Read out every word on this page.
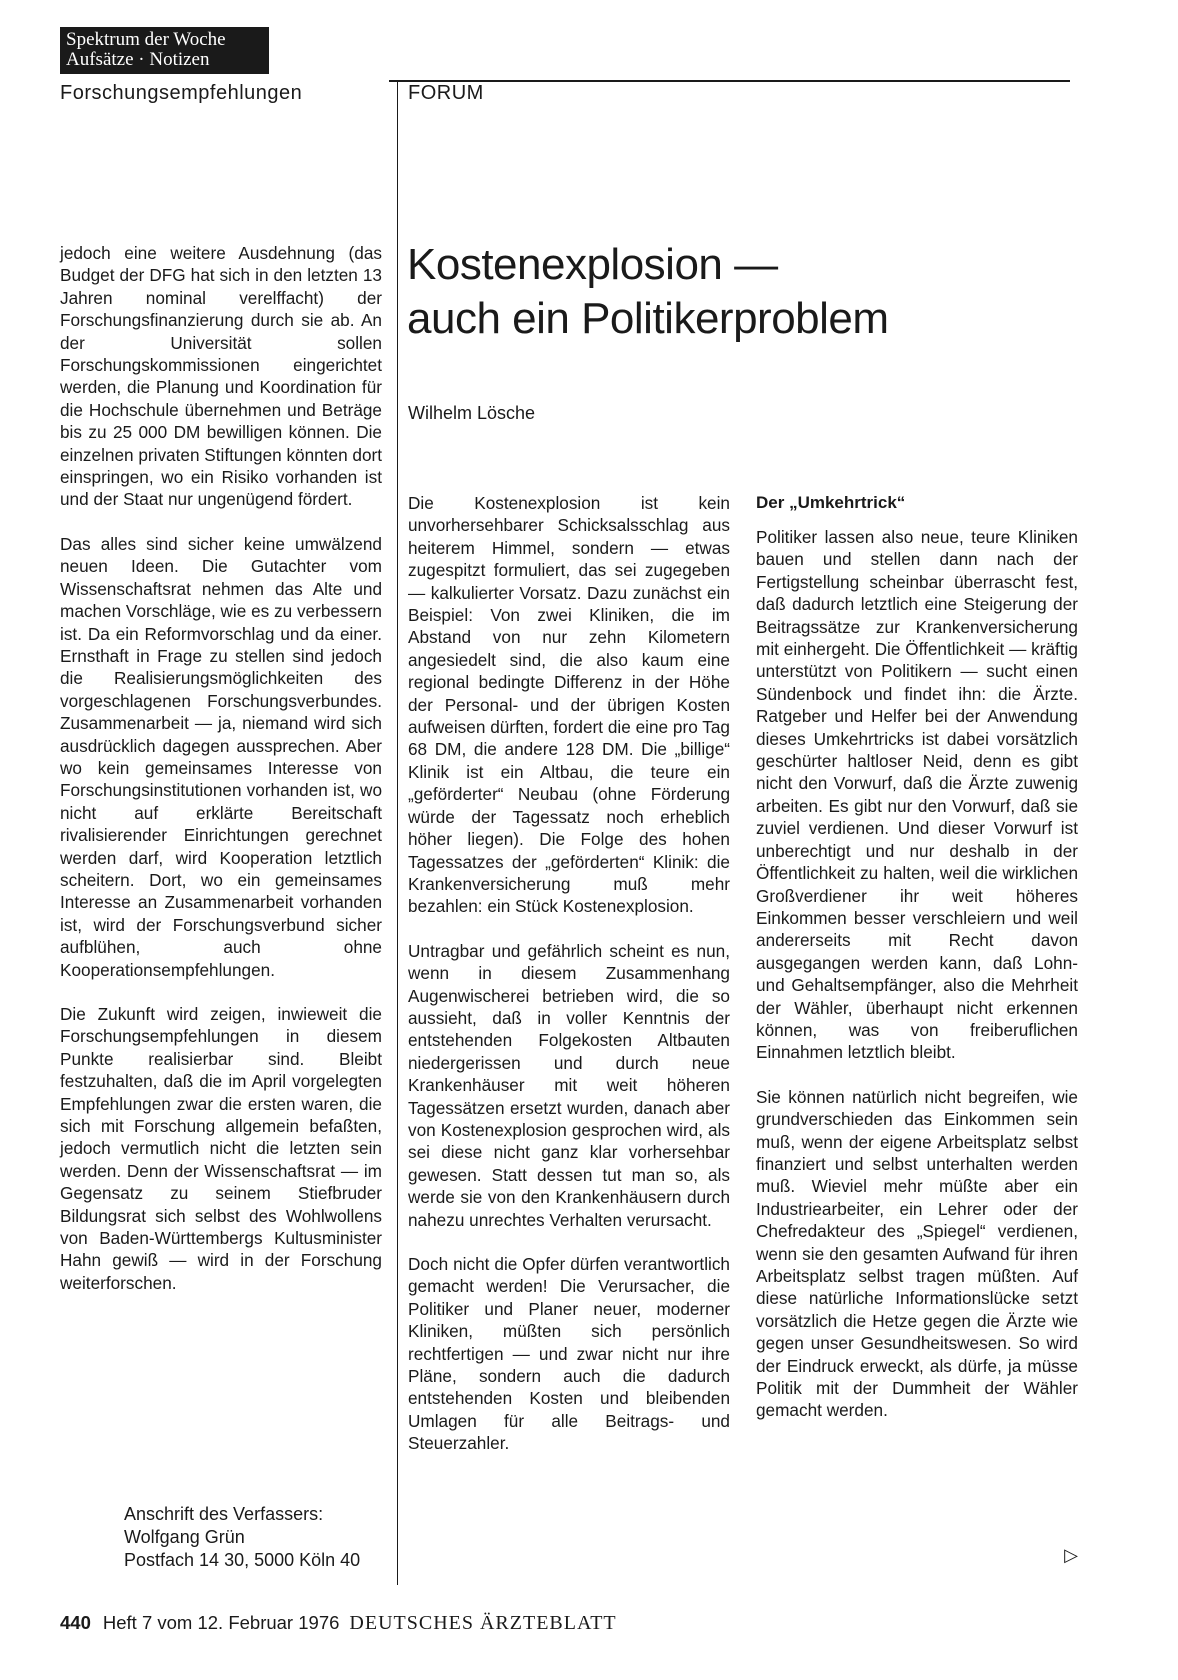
Spektrum der Woche
Aufsätze · Notizen
Forschungsempfehlungen	FORUM
Kostenexplosion —
auch ein Politikerproblem
Wilhelm Lösche

jedoch eine weitere Ausdehnung (das Budget der DFG hat sich in den letzten 13 Jahren nominal verelffacht) der Forschungsfinanzierung durch sie ab. An der Universität sollen Forschungskommissionen eingerichtet werden, die Planung und Koordination für die Hochschule übernehmen und Beträge bis zu 25 000 DM bewilligen können. Die einzelnen privaten Stiftungen könnten dort einspringen, wo ein Risiko vorhanden ist und der Staat nur ungenügend fördert.

Das alles sind sicher keine umwälzend neuen Ideen. Die Gutachter vom Wissenschaftsrat nehmen das Alte und machen Vorschläge, wie es zu verbessern ist. Da ein Reformvorschlag und da einer. Ernsthaft in Frage zu stellen sind jedoch die Realisierungsmöglichkeiten des vorgeschlagenen Forschungsverbundes. Zusammenarbeit — ja, niemand wird sich ausdrücklich dagegen aussprechen. Aber wo kein gemeinsames Interesse von Forschungsinstitutionen vorhanden ist, wo nicht auf erklärte Bereitschaft rivalisierender Einrichtungen gerechnet werden darf, wird Kooperation letztlich scheitern. Dort, wo ein gemeinsames Interesse an Zusammenarbeit vorhanden ist, wird der Forschungsverbund sicher aufblühen, auch ohne Kooperationsempfehlungen.

Die Zukunft wird zeigen, inwieweit die Forschungsempfehlungen in diesem Punkte realisierbar sind. Bleibt festzuhalten, daß die im April vorgelegten Empfehlungen zwar die ersten waren, die sich mit Forschung allgemein befaßten, jedoch vermutlich nicht die letzten sein werden. Denn der Wissenschaftsrat — im Gegensatz zu seinem Stiefbruder Bildungsrat sich selbst des Wohlwollens von Baden-Württembergs Kultusminister Hahn gewiß — wird in der Forschung weiterforschen.

Anschrift des Verfassers:
Wolfgang Grün
Postfach 14 30, 5000 Köln 40

Die Kostenexplosion ist kein unvorhersehbarer Schicksalsschlag aus heiterem Himmel, sondern — etwas zugespitzt formuliert, das sei zugegeben — kalkulierter Vorsatz. Dazu zunächst ein Beispiel: Von zwei Kliniken, die im Abstand von nur zehn Kilometern angesiedelt sind, die also kaum eine regional bedingte Differenz in der Höhe der Personal- und der übrigen Kosten aufweisen dürften, fordert die eine pro Tag 68 DM, die andere 128 DM. Die „billige“ Klinik ist ein Altbau, die teure ein „geförderter“ Neubau (ohne Förderung würde der Tagessatz noch erheblich höher liegen). Die Folge des hohen Tagessatzes der „geförderten“ Klinik: die Krankenversicherung muß mehr bezahlen: ein Stück Kostenexplosion.

Untragbar und gefährlich scheint es nun, wenn in diesem Zusammenhang Augenwischerei betrieben wird, die so aussieht, daß in voller Kenntnis der entstehenden Folgekosten Altbauten niedergerissen und durch neue Krankenhäuser mit weit höheren Tagessätzen ersetzt wurden, danach aber von Kostenexplosion gesprochen wird, als sei diese nicht ganz klar vorhersehbar gewesen. Statt dessen tut man so, als werde sie von den Krankenhäusern durch nahezu unrechtes Verhalten verursacht.

Doch nicht die Opfer dürfen verantwortlich gemacht werden! Die Verursacher, die Politiker und Planer neuer, moderner Kliniken, müßten sich persönlich rechtfertigen — und zwar nicht nur ihre Pläne, sondern auch die dadurch entstehenden Kosten und bleibenden Umlagen für alle Beitrags- und Steuerzahler.

Der „Umkehrtrick“

Politiker lassen also neue, teure Kliniken bauen und stellen dann nach der Fertigstellung scheinbar überrascht fest, daß dadurch letztlich eine Steigerung der Beitragssätze zur Krankenversicherung mit einhergeht. Die Öffentlichkeit — kräftig unterstützt von Politikern — sucht einen Sündenbock und findet ihn: die Ärzte. Ratgeber und Helfer bei der Anwendung dieses Umkehrtricks ist dabei vorsätzlich geschürter haltloser Neid, denn es gibt nicht den Vorwurf, daß die Ärzte zuwenig arbeiten. Es gibt nur den Vorwurf, daß sie zuviel verdienen. Und dieser Vorwurf ist unberechtigt und nur deshalb in der Öffentlichkeit zu halten, weil die wirklichen Großverdiener ihr weit höheres Einkommen besser verschleiern und weil andererseits mit Recht davon ausgegangen werden kann, daß Lohn- und Gehaltsempfänger, also die Mehrheit der Wähler, überhaupt nicht erkennen können, was von freiberuflichen Einnahmen letztlich bleibt.

Sie können natürlich nicht begreifen, wie grundverschieden das Einkommen sein muß, wenn der eigene Arbeitsplatz selbst finanziert und selbst unterhalten werden muß. Wieviel mehr müßte aber ein Industriearbeiter, ein Lehrer oder der Chefredakteur des „Spiegel“ verdienen, wenn sie den gesamten Aufwand für ihren Arbeitsplatz selbst tragen müßten. Auf diese natürliche Informationslücke setzt vorsätzlich die Hetze gegen die Ärzte wie gegen unser Gesundheitswesen. So wird der Eindruck erweckt, als dürfe, ja müsse Politik mit der Dummheit der Wähler gemacht werden.

▷
440 Heft 7 vom 12. Februar 1976 DEUTSCHES ÄRZTEBLATT
